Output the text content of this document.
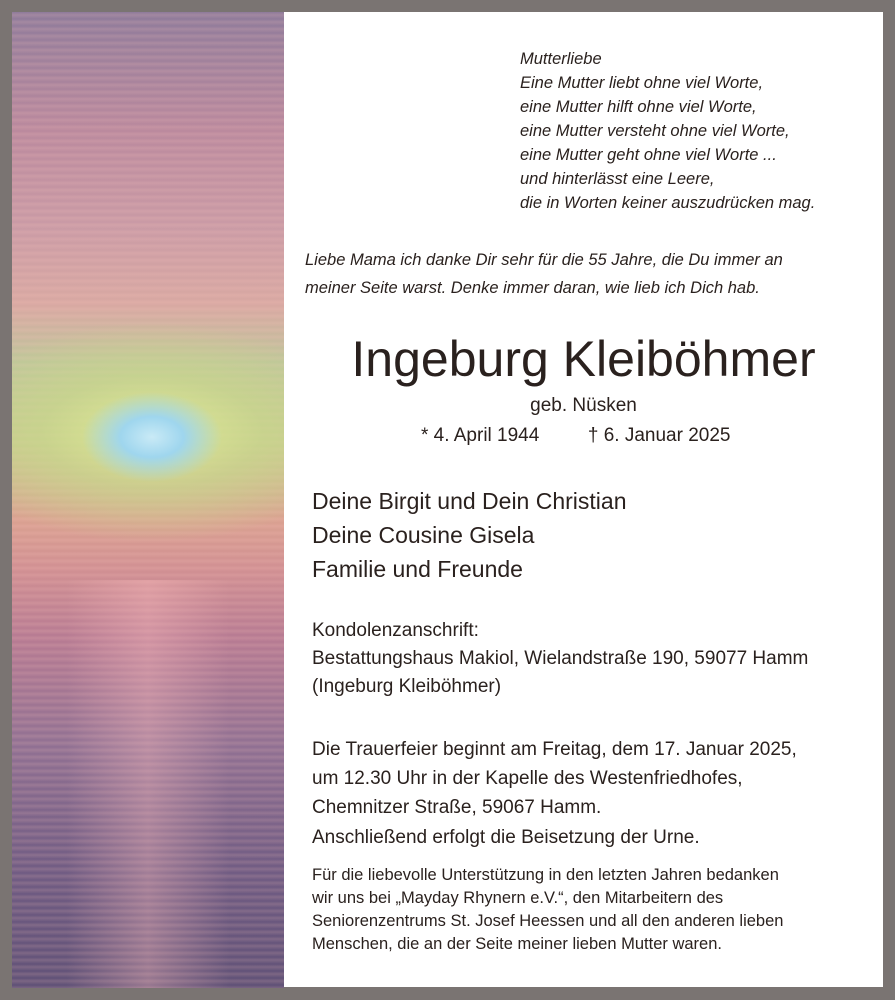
Mutterliebe
Eine Mutter liebt ohne viel Worte,
eine Mutter hilft ohne viel Worte,
eine Mutter versteht ohne viel Worte,
eine Mutter geht ohne viel Worte ...
und hinterlässt eine Leere,
die in Worten keiner auszudrücken mag.
Liebe Mama ich danke Dir sehr für die 55 Jahre, die Du immer an
meiner Seite warst. Denke immer daran, wie lieb ich Dich hab.
Ingeburg Kleiböhmer
geb. Nüsken
* 4. April 1944	† 6. Januar 2025
Deine Birgit und Dein Christian
Deine Cousine Gisela
Familie und Freunde
Kondolenzanschrift:
Bestattungshaus Makiol, Wielandstraße 190, 59077 Hamm
(Ingeburg Kleiböhmer)
Die Trauerfeier beginnt am Freitag, dem 17. Januar 2025,
um 12.30 Uhr in der Kapelle des Westenfriedhofes,
Chemnitzer Straße, 59067 Hamm.
Anschließend erfolgt die Beisetzung der Urne.
Für die liebevolle Unterstützung in den letzten Jahren bedanken
wir uns bei „Mayday Rhynern e.V.“, den Mitarbeitern des
Seniorenzentrums St. Josef Heessen und all den anderen lieben
Menschen, die an der Seite meiner lieben Mutter waren.
